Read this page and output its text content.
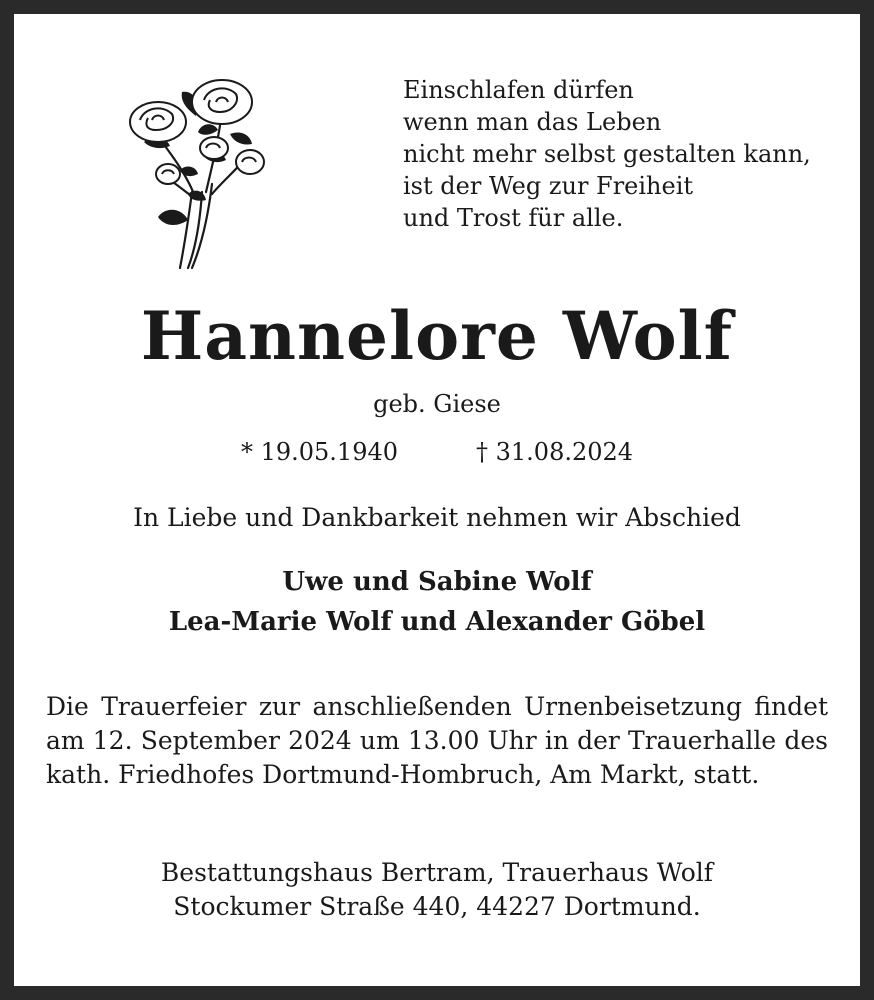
Einschlafen dürfen
wenn man das Leben
nicht mehr selbst gestalten kann,
ist der Weg zur Freiheit
und Trost für alle.
Hannelore Wolf
geb. Giese
* 19.05.1940	† 31.08.2024
In Liebe und Dankbarkeit nehmen wir Abschied
Uwe und Sabine Wolf
Lea-Marie Wolf und Alexander Göbel
Die Trauerfeier zur anschließenden Urnenbeisetzung findet am 12. September 2024 um 13.00 Uhr in der Trauerhalle des kath. Friedhofes Dortmund-Hombruch, Am Markt, statt.
Bestattungshaus Bertram, Trauerhaus Wolf
Stockumer Straße 440, 44227 Dortmund.
